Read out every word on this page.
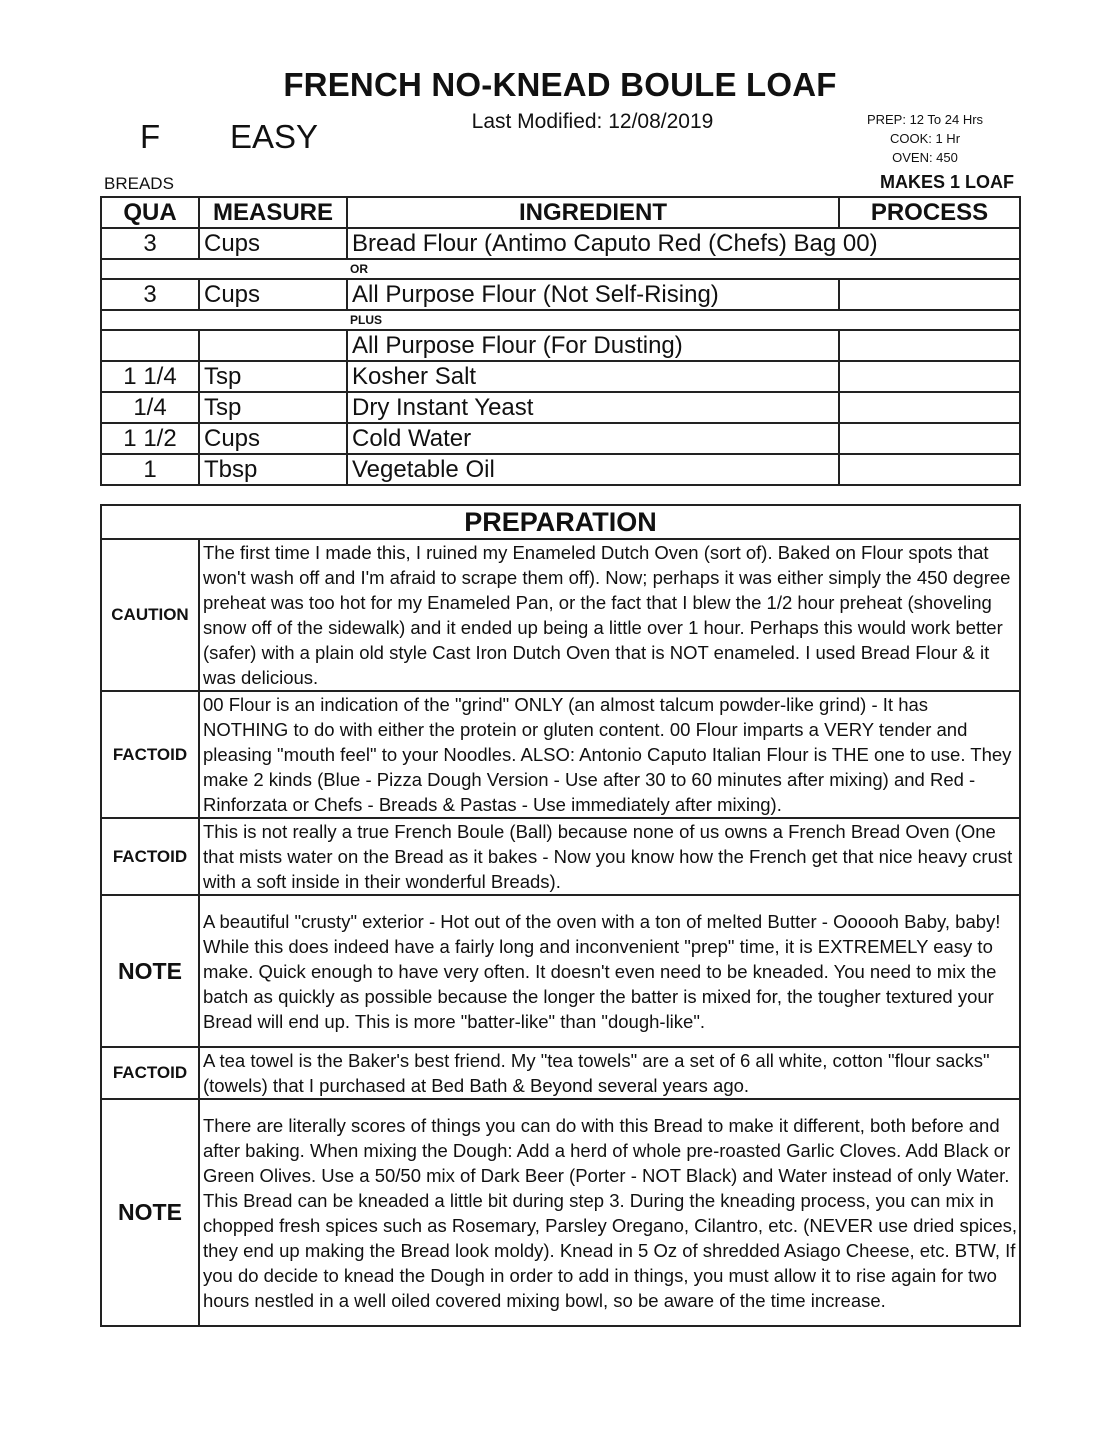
FRENCH NO-KNEAD BOULE LOAF
Last Modified: 12/08/2019
F EASY	PREP: 12 To 24 Hrs
COOK: 1 Hr
OVEN: 450
BREADS	MAKES 1 LOAF
QUA	MEASURE	INGREDIENT	PROCESS
3	Cups	Bread Flour (Antimo Caputo Red (Chefs) Bag 00)	
OR			
3	Cups	All Purpose Flour (Not Self-Rising)	
PLUS			
		All Purpose Flour (For Dusting)	
1 1/4	Tsp	Kosher Salt	
1/4	Tsp	Dry Instant Yeast	
1 1/2	Cups	Cold Water	
1	Tbsp	Vegetable Oil	
PREPARATION	
CAUTION	The first time I made this, I ruined my Enameled Dutch Oven (sort of). Baked on Flour spots that won't wash off and I'm afraid to scrape them off). Now; perhaps it was either simply the 450 degree preheat was too hot for my Enameled Pan, or the fact that I blew the 1/2 hour preheat (shoveling snow off of the sidewalk) and it ended up being a little over 1 hour. Perhaps this would work better (safer) with a plain old style Cast Iron Dutch Oven that is NOT enameled. I used Bread Flour & it was delicious.
FACTOID	00 Flour is an indication of the "grind" ONLY (an almost talcum powder-like grind) - It has NOTHING to do with either the protein or gluten content. 00 Flour imparts a VERY tender and pleasing "mouth feel" to your Noodles. ALSO: Antonio Caputo Italian Flour is THE one to use. They make 2 kinds (Blue - Pizza Dough Version - Use after 30 to 60 minutes after mixing) and Red - Rinforzata or Chefs - Breads & Pastas - Use immediately after mixing).
FACTOID	This is not really a true French Boule (Ball) because none of us owns a French Bread Oven (One that mists water on the Bread as it bakes - Now you know how the French get that nice heavy crust with a soft inside in their wonderful Breads).
NOTE	A beautiful "crusty" exterior - Hot out of the oven with a ton of melted Butter - Oooooh Baby, baby! While this does indeed have a fairly long and inconvenient "prep" time, it is EXTREMELY easy to make. Quick enough to have very often. It doesn't even need to be kneaded. You need to mix the batch as quickly as possible because the longer the batter is mixed for, the tougher textured your Bread will end up. This is more "batter-like" than "dough-like".
FACTOID	A tea towel is the Baker's best friend. My "tea towels" are a set of 6 all white, cotton "flour sacks" (towels) that I purchased at Bed Bath & Beyond several years ago.
NOTE	There are literally scores of things you can do with this Bread to make it different, both before and after baking. When mixing the Dough: Add a herd of whole pre-roasted Garlic Cloves. Add Black or Green Olives. Use a 50/50 mix of Dark Beer (Porter - NOT Black) and Water instead of only Water. This Bread can be kneaded a little bit during step 3. During the kneading process, you can mix in chopped fresh spices such as Rosemary, Parsley Oregano, Cilantro, etc. (NEVER use dried spices, they end up making the Bread look moldy). Knead in 5 Oz of shredded Asiago Cheese, etc. BTW, If you do decide to knead the Dough in order to add in things, you must allow it to rise again for two hours nestled in a well oiled covered mixing bowl, so be aware of the time increase.
